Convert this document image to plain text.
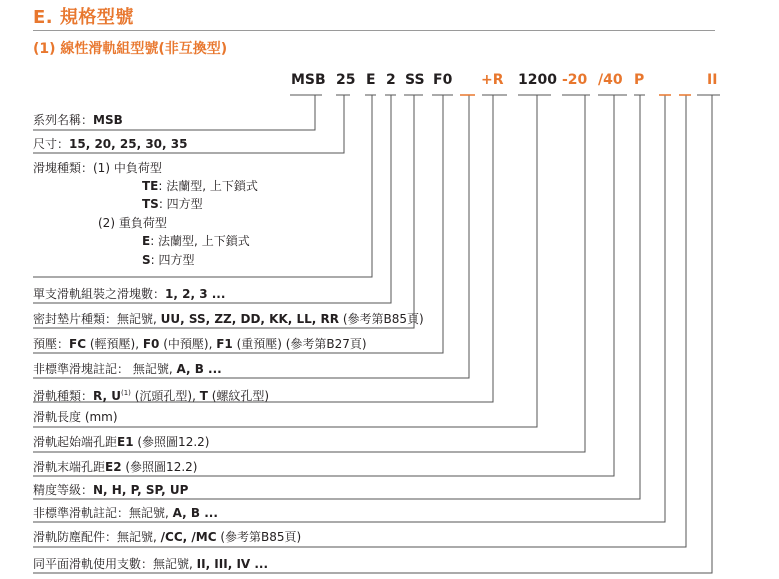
E. 規格型號
(1) 線性滑軌組型號(非互換型)
MSB 25 E 2 SS F0 +R 1200 -20 /40 P	II
系列名稱：MSB
尺寸：15, 20, 25, 30, 35
滑塊種類：(1) 中負荷型
TE: 法蘭型, 上下鎖式
TS: 四方型
(2) 重負荷型
E: 法蘭型, 上下鎖式
S: 四方型
單支滑軌組裝之滑塊數：1, 2, 3 ...
密封墊片種類：無記號, UU, SS, ZZ, DD, KK, LL, RR (參考第B85頁)
預壓：FC (輕預壓), F0 (中預壓), F1 (重預壓) (參考第B27頁)
非標準滑塊註記： 無記號, A, B ...
滑軌種類：R, $U^{(1)}$ (沉頭孔型), T (螺紋孔型)
滑軌長度 (mm)
滑軌起始端孔距E1 (參照圖12.2)
滑軌末端孔距E2 (參照圖12.2)
精度等級：N, H, P, SP, UP
非標準滑軌註記：無記號, A, B ...
滑軌防塵配件：無記號, /CC, /MC (參考第B85頁)
同平面滑軌使用支數：無記號, II, III, IV ...
